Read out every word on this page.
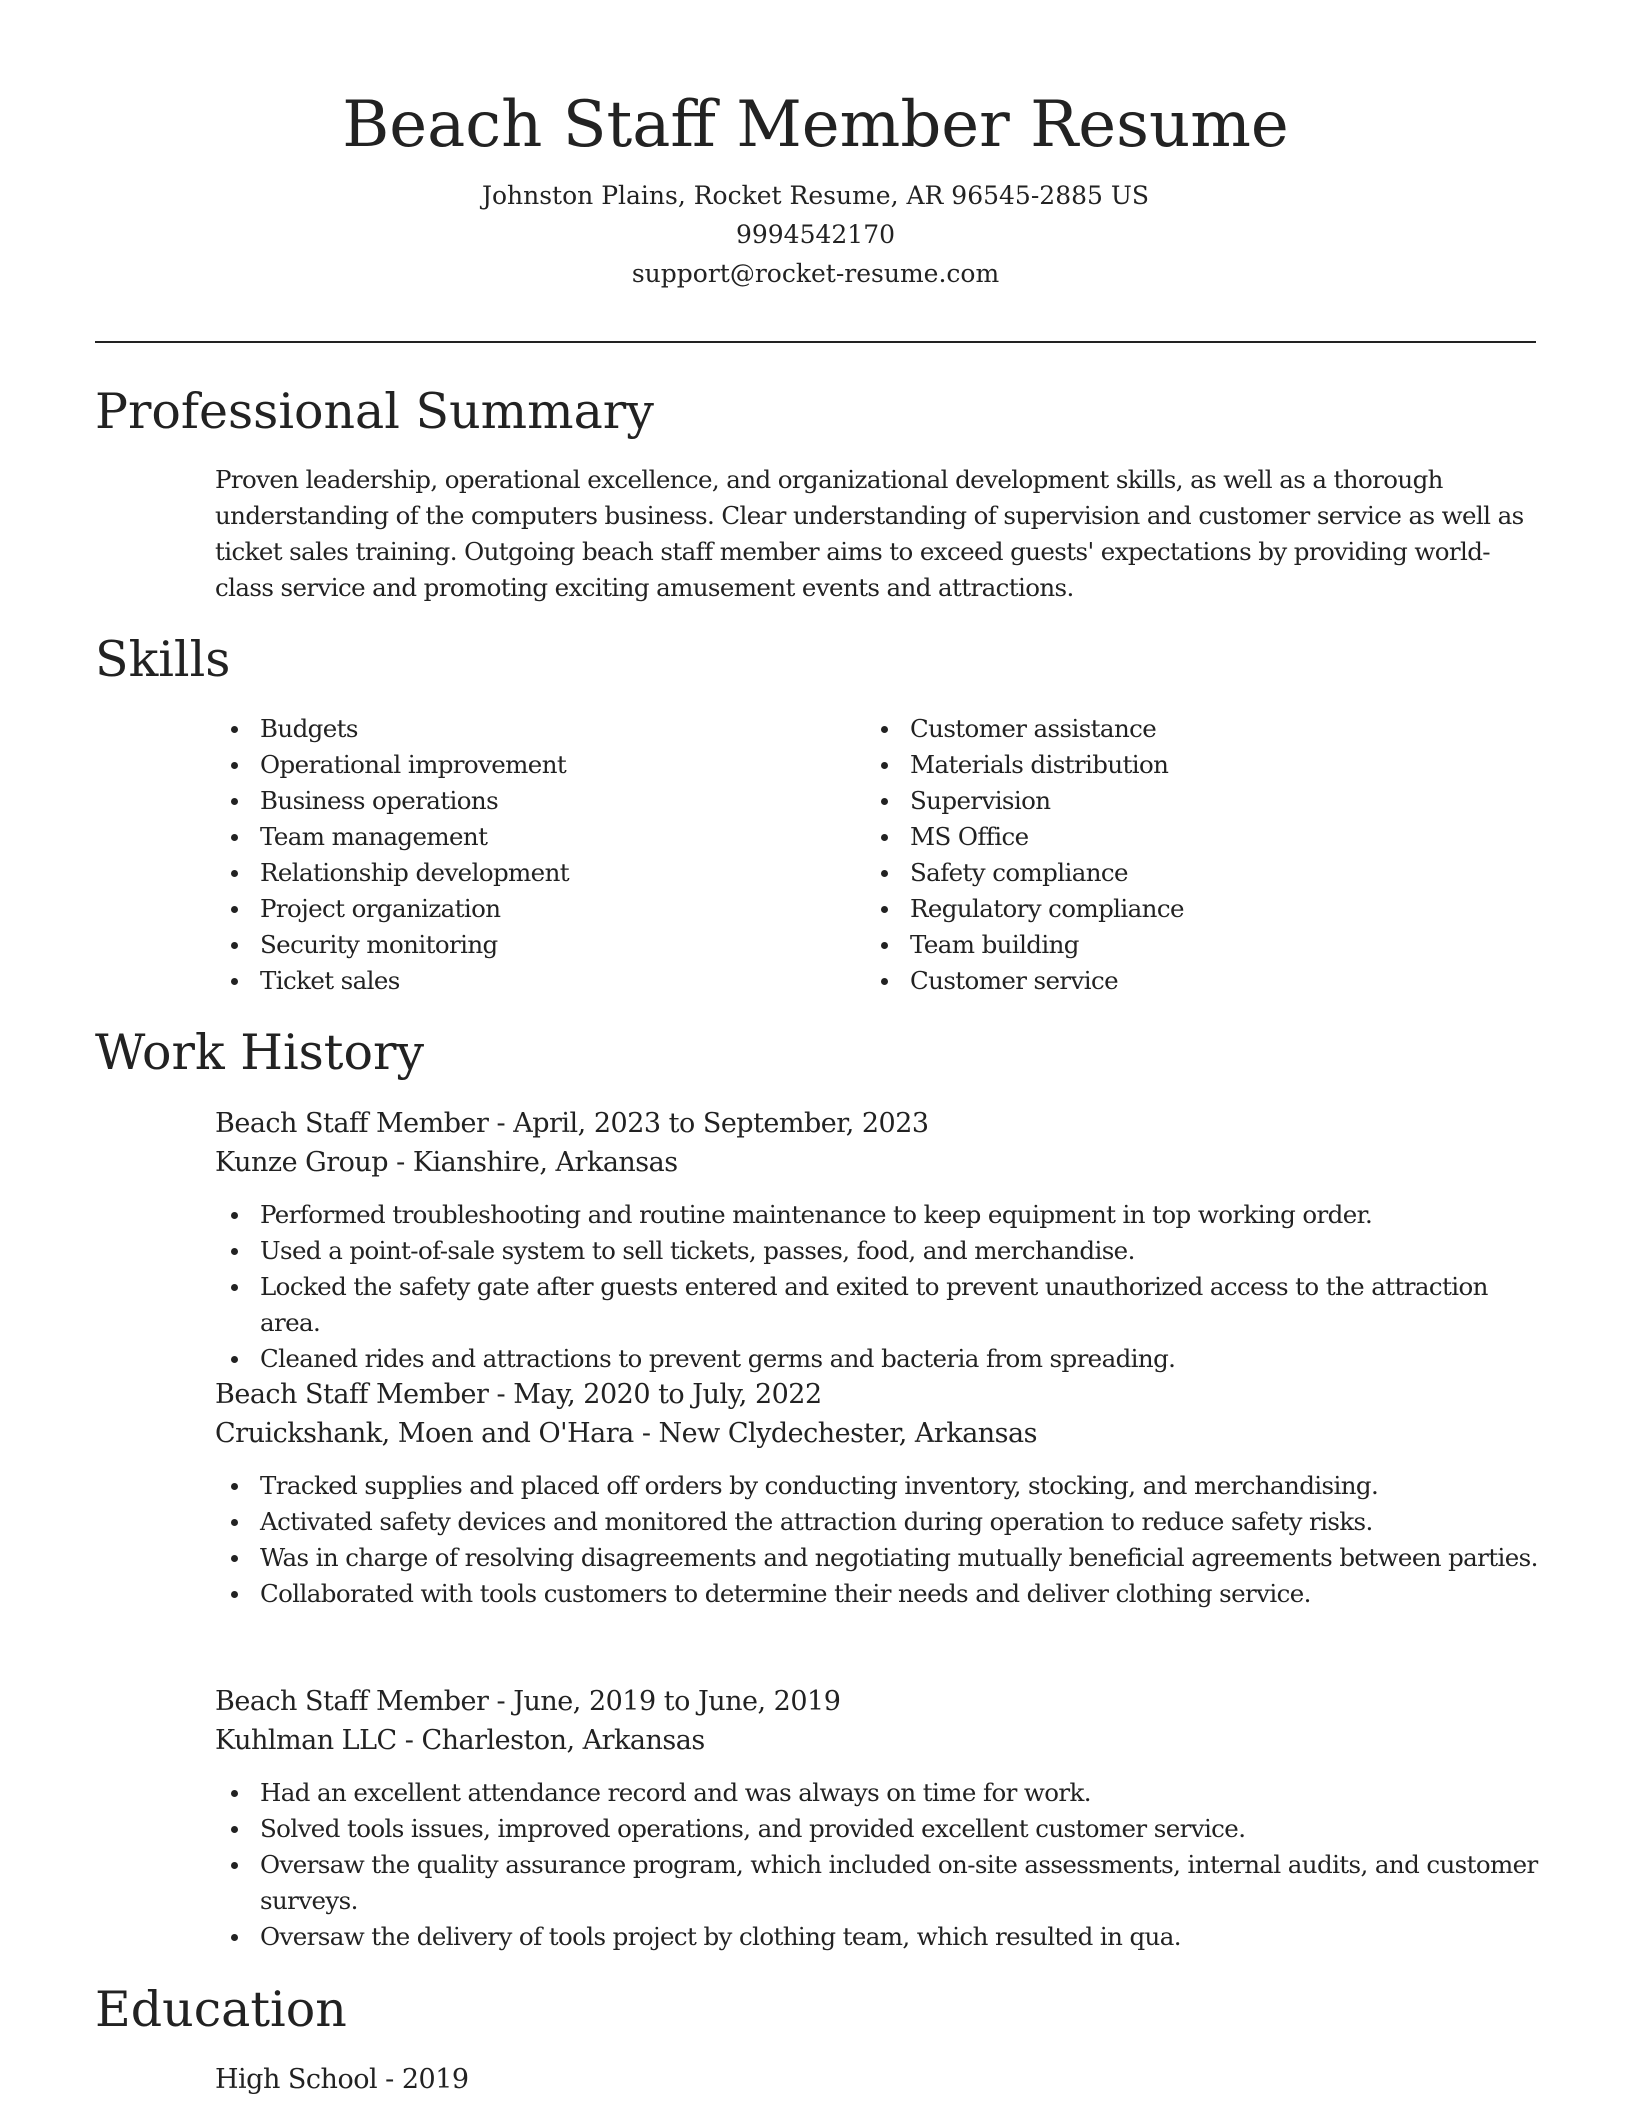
Beach Staff Member Resume
Johnston Plains, Rocket Resume, AR 96545-2885 US
9994542170
support@rocket-resume.com
Professional Summary

Proven leadership, operational excellence, and organizational development skills, as well as a thorough understanding of the computers business. Clear understanding of supervision and customer service as well as ticket sales training. Outgoing beach staff member aims to exceed guests' expectations by providing world-class service and promoting exciting amusement events and attractions.

Skills
Budgets
Operational improvement
Business operations
Team management
Relationship development
Project organization
Security monitoring
Ticket sales
Customer assistance
Materials distribution
Supervision
MS Office
Safety compliance
Regulatory compliance
Team building
Customer service
Work History
Beach Staff Member - April, 2023 to September, 2023
Kunze Group - Kianshire, Arkansas
Performed troubleshooting and routine maintenance to keep equipment in top working order.
Used a point-of-sale system to sell tickets, passes, food, and merchandise.
Locked the safety gate after guests entered and exited to prevent unauthorized access to the attraction area.
Cleaned rides and attractions to prevent germs and bacteria from spreading.
Beach Staff Member - May, 2020 to July, 2022
Cruickshank, Moen and O'Hara - New Clydechester, Arkansas
Tracked supplies and placed off orders by conducting inventory, stocking, and merchandising.
Activated safety devices and monitored the attraction during operation to reduce safety risks.
Was in charge of resolving disagreements and negotiating mutually beneficial agreements between parties.
Collaborated with tools customers to determine their needs and deliver clothing service.
Beach Staff Member - June, 2019 to June, 2019
Kuhlman LLC - Charleston, Arkansas
Had an excellent attendance record and was always on time for work.
Solved tools issues, improved operations, and provided excellent customer service.
Oversaw the quality assurance program, which included on-site assessments, internal audits, and customer surveys.
Oversaw the delivery of tools project by clothing team, which resulted in qua.
Education
High School - 2019
